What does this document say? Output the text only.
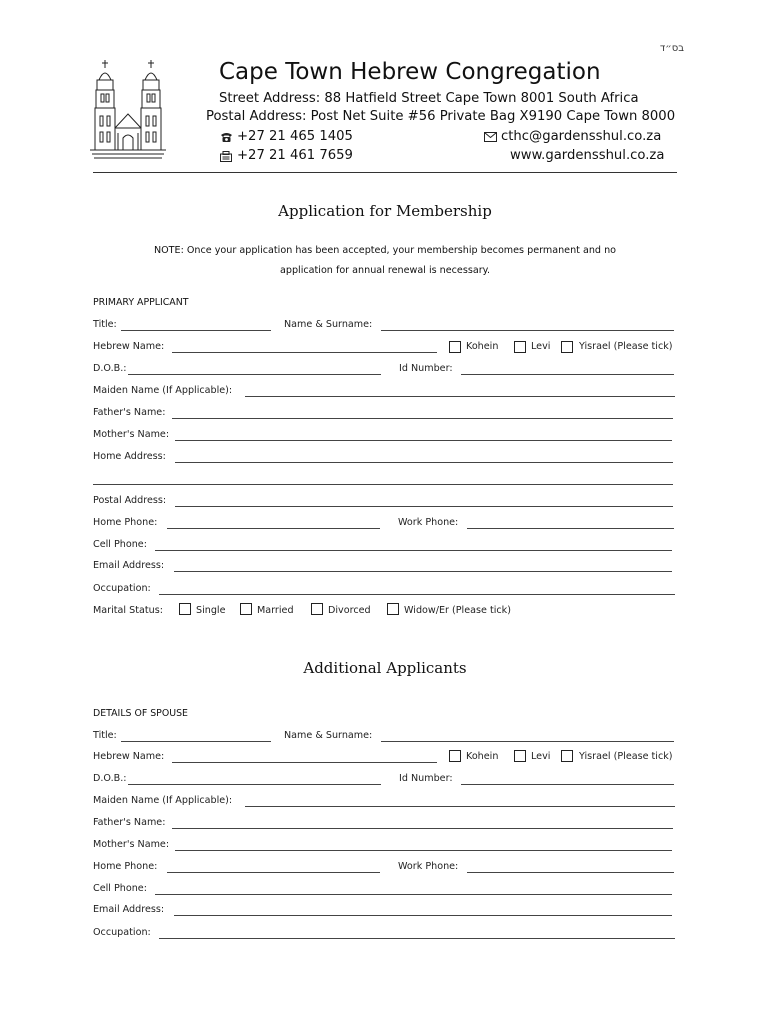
בס״ד
Cape Town Hebrew Congregation
Street Address: 88 Hatfield Street Cape Town 8001 South Africa
Postal Address: Post Net Suite #56 Private Bag X9190 Cape Town 8000
+27 21 465 1405
+27 21 461 7659
cthc@gardensshul.co.za
www.gardensshul.co.za
Application for Membership
NOTE: Once your application has been accepted, your membership becomes permanent and no
application for annual renewal is necessary.
PRIMARY APPLICANT
Title:	Name & Surname:
Hebrew Name:	Kohein	Levi	Yisrael (Please tick)
D.O.B.:	Id Number:
Maiden Name (If Applicable):
Father's Name:
Mother's Name:
Home Address:
Postal Address:
Home Phone:	Work Phone:
Cell Phone:
Email Address:
Occupation:
Marital Status:	Single	Married	Divorced	Widow/Er (Please tick)
Additional Applicants
DETAILS OF SPOUSE
Title:	Name & Surname:
Hebrew Name:	Kohein	Levi	Yisrael (Please tick)
D.O.B.:	Id Number:
Maiden Name (If Applicable):
Father's Name:
Mother's Name:
Home Phone:	Work Phone:
Cell Phone:
Email Address:
Occupation:
